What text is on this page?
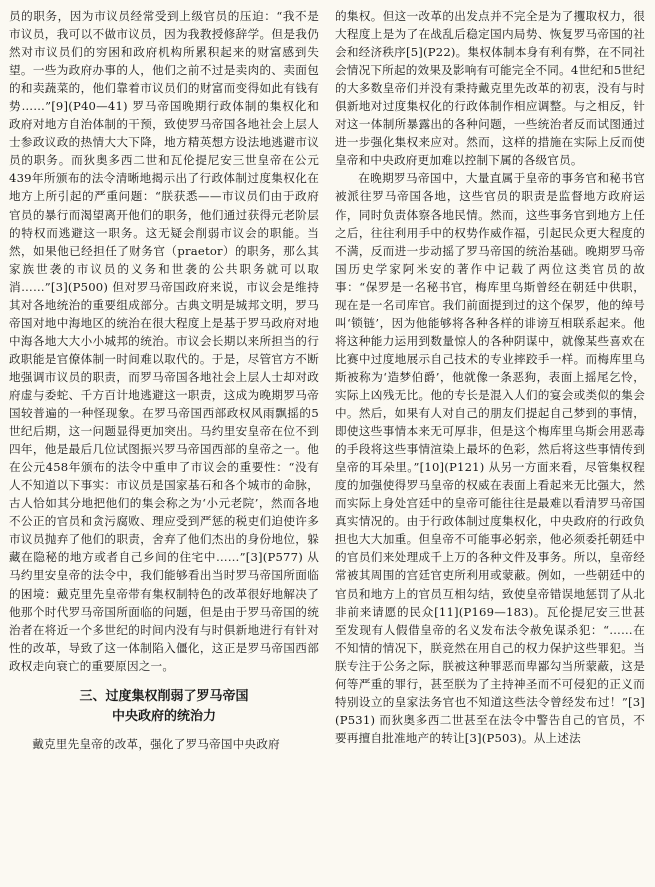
员的职务，因为市议员经常受到上级官员的压迫：“我不是市议员，我可以不做市议员，因为我教授修辞学。但是我仍然对市议员们的穷困和政府机构所累积起来的财富感到失望。一些为政府办事的人，他们之前不过是卖肉的、卖面包的和卖蔬菜的，他们靠着市议员们的财富而变得如此有钱有势……”[9](P40—41) 罗马帝国晚期行政体制的集权化和政府对地方自治体制的干预，致使罗马帝国各地社会上层人士参政议政的热情大大下降，地方精英想方设法地逃避市议员的职务。而狄奥多西二世和瓦伦提尼安三世皇帝在公元439年所颁布的法令清晰地揭示出了行政体制过度集权化在地方上所引起的严重问题：“朕获悉——市议员们由于政府官员的暴行而渴望离开他们的职务，他们通过获得元老阶层的特权而逃避这一职务。这无疑会削弱市议会的职能。当然，如果他已经担任了财务官（praetor）的职务，那么其家族世袭的市议员的义务和世袭的公共职务就可以取消……”[3](P500) 但对罗马帝国政府来说，市议会是维持其对各地统治的重要组成部分。古典文明是城邦文明，罗马帝国对地中海地区的统治在很大程度上是基于罗马政府对地中海各地大大小小城邦的统治。市议会长期以来所担当的行政职能是官僚体制一时间难以取代的。于是，尽管官方不断地强调市议员的职责，而罗马帝国各地社会上层人士却对政府虚与委蛇、千方百计地逃避这一职责，这成为晚期罗马帝国较普遍的一种怪现象。在罗马帝国西部政权风雨飘摇的5世纪后期，这一问题显得更加突出。马约里安皇帝在位不到四年，他是最后几位试图振兴罗马帝国西部的皇帝之一。他在公元458年颁布的法令中重申了市议会的重要性：“没有人不知道以下事实：市议员是国家基石和各个城市的命脉，古人恰如其分地把他们的集会称之为‘小元老院’，然而各地不公正的官员和贪污腐败、理应受到严惩的税吏们迫使许多市议员抛弃了他们的职责，舍弃了他们杰出的身份地位，躲藏在隐秘的地方或者自己乡间的住宅中……”[3](P577) 从马约里安皇帝的法令中，我们能够看出当时罗马帝国所面临的困境：戴克里先皇帝带有集权制特色的改革很好地解决了他那个时代罗马帝国所面临的问题，但是由于罗马帝国的统治者在将近一个多世纪的时间内没有与时俱新地进行有针对性的改革，导致了这一体制陷入僵化，这正是罗马帝国西部政权走向衰亡的重要原因之一。

三、过度集权削弱了罗马帝国
中央政府的统治力

戴克里先皇帝的改革，强化了罗马帝国中央政府

的集权。但这一改革的出发点并不完全是为了攫取权力，很大程度上是为了在战乱后稳定国内局势、恢复罗马帝国的社会和经济秩序[5](P22)。集权体制本身有利有弊，在不同社会情况下所起的效果及影响有可能完全不同。4世纪和5世纪的大多数皇帝们并没有秉持戴克里先改革的初衷，没有与时俱新地对过度集权化的行政体制作相应调整。与之相反，针对这一体制所暴露出的各种问题，一些统治者反而试图通过进一步强化集权来应对。然而，这样的措施在实际上反而使皇帝和中央政府更加难以控制下属的各级官员。

在晚期罗马帝国中，大量直属于皇帝的事务官和秘书官被派往罗马帝国各地，这些官员的职责是监督地方政府运作，同时负责体察各地民情。然而，这些事务官到地方上任之后，往往利用手中的权势作威作福，引起民众更大程度的不满，反而进一步动摇了罗马帝国的统治基础。晚期罗马帝国历史学家阿米安的著作中记载了两位这类官员的故事：“保罗是一名秘书官，梅库里乌斯曾经在朝廷中供职，现在是一名司库官。我们前面提到过的这个保罗，他的绰号叫‘锁链’，因为他能够将各种各样的诽谤互相联系起来。他将这种能力运用到数量惊人的各种阴谋中，就像某些喜欢在比赛中过度地展示自己技术的专业摔跤手一样。而梅库里乌斯被称为‘造梦伯爵’，他就像一条恶狗，表面上摇尾乞怜，实际上凶残无比。他的专长是混入人们的宴会或类似的集会中。然后，如果有人对自己的朋友们提起自己梦到的事情，即使这些事情本来无可厚非，但是这个梅库里乌斯会用恶毒的手段将这些事情渲染上最坏的色彩，然后将这些事情传到皇帝的耳朵里。”[10](P121) 从另一方面来看，尽管集权程度的加强使得罗马皇帝的权威在表面上看起来无比强大，然而实际上身处宫廷中的皇帝可能往往是最难以看清罗马帝国真实情况的。由于行政体制过度集权化，中央政府的行政负担也大大加重。但皇帝不可能事必躬亲，他必须委托朝廷中的官员们来处理成千上万的各种文件及事务。所以，皇帝经常被其周围的宫廷官吏所利用或蒙蔽。例如，一些朝廷中的官员和地方上的官员互相勾结，致使皇帝错误地惩罚了从北非前来请愿的民众[11](P169—183)。瓦伦提尼安三世甚至发现有人假借皇帝的名义发布法令赦免谋杀犯：“……在不知情的情况下，朕竞然在用自己的权力保护这些罪犯。当朕专注于公务之际，朕被这种罪恶而卑鄙勾当所蒙蔽，这是何等严重的罪行，甚至朕为了主持神圣而不可侵犯的正义而特别设立的皇家法务官也不知道这些法令曾经发布过！”[3](P531) 而狄奥多西二世甚至在法令中警告自己的官员，不要再擅自批准地产的转让[3](P503)。从上述法
